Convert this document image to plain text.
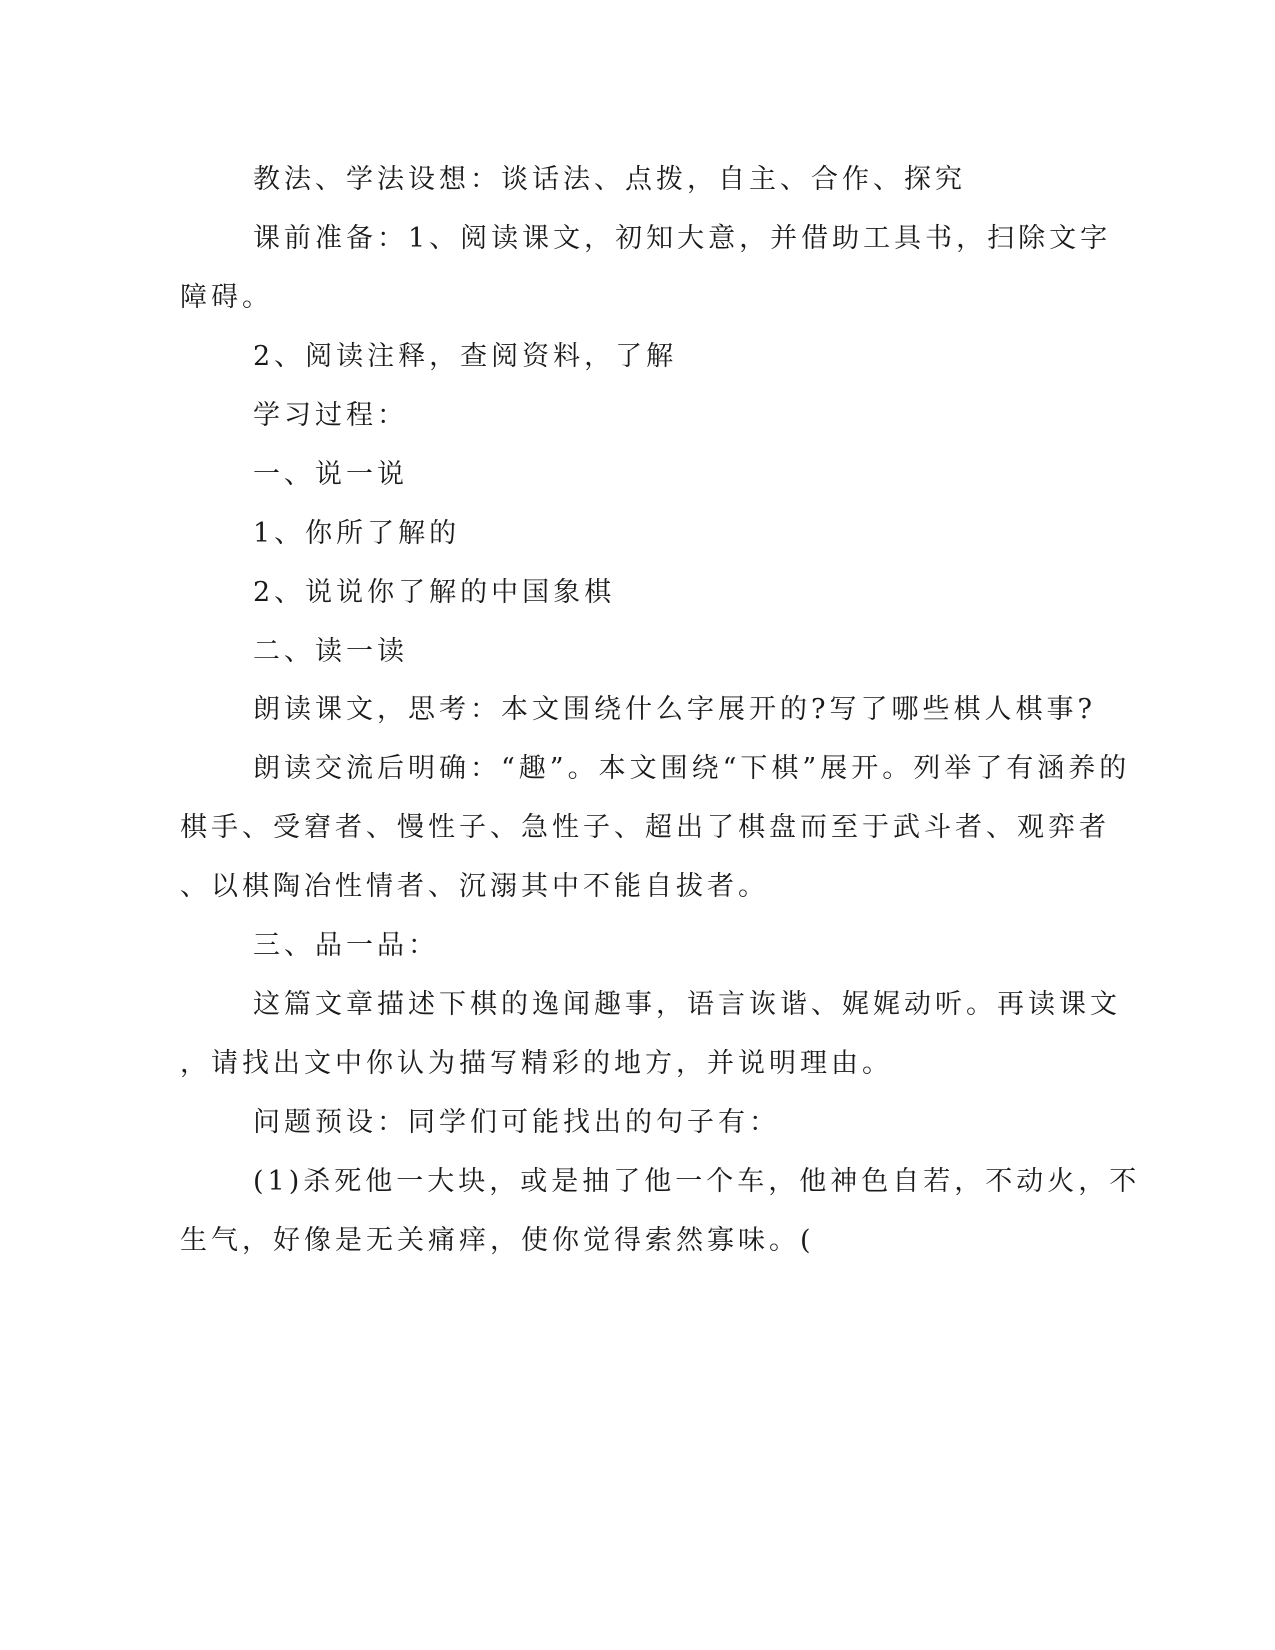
教法、学法设想：谈话法、点拨，自主、合作、探究
课前准备：1、阅读课文，初知大意，并借助工具书，扫除文字
障碍。
2、阅读注释，查阅资料，了解
学习过程：
一、说一说
1、你所了解的
2、说说你了解的中国象棋
二、读一读
朗读课文，思考：本文围绕什么字展开的?写了哪些棋人棋事?
朗读交流后明确：“趣”。本文围绕“下棋”展开。列举了有涵养的
棋手、受窘者、慢性子、急性子、超出了棋盘而至于武斗者、观弈者
、以棋陶冶性情者、沉溺其中不能自拔者。
三、品一品：
这篇文章描述下棋的逸闻趣事，语言诙谐、娓娓动听。再读课文
，请找出文中你认为描写精彩的地方，并说明理由。
问题预设：同学们可能找出的句子有：
(1)杀死他一大块，或是抽了他一个车，他神色自若，不动火，不
生气，好像是无关痛痒，使你觉得索然寡味。(
